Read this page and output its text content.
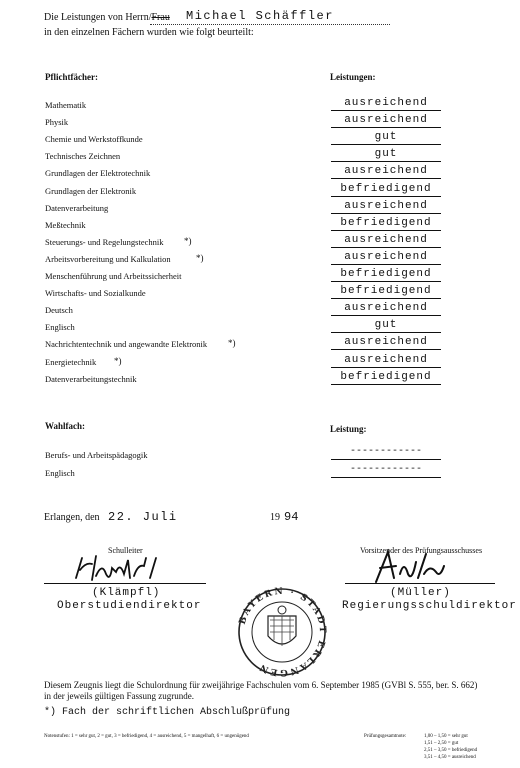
Die Leistungen von Herrn/Frau Michael Schäffler
in den einzelnen Fächern wurden wie folgt beurteilt:
Pflichtfächer:	Leistungen:
Mathematik	ausreichend
Physik	ausreichend
Chemie und Werkstoffkunde	gut
Technisches Zeichnen	gut
Grundlagen der Elektrotechnik	ausreichend
Grundlagen der Elektronik	befriedigend
Datenverarbeitung	ausreichend
Meßtechnik	befriedigend
Steuerungs- und Regelungstechnik *)	ausreichend
Arbeitsvorbereitung und Kalkulation	*)	ausreichend
Menschenführung und Arbeitssicherheit	befriedigend
Wirtschafts- und Sozialkunde	befriedigend
Deutsch	ausreichend
Englisch	gut
Nachrichtentechnik und angewandte Elektronik *)	ausreichend
Energietechnik *)	ausreichend
Datenverarbeitungstechnik	befriedigend
Wahlfach:	Leistung:
Berufs- und Arbeitspädagogik	------------
Englisch	------------
Erlangen, den 22. Juli	19 94
Schulleiter
(Klämpfl)
Oberstudiendirektor
Vorsitzender des Prüfungsausschusses
(Müller)
Regierungsschuldirektor
BAYERN · STADT ERLANGEN
Diesem Zeugnis liegt die Schulordnung für zweijährige Fachschulen vom 6. September 1985 (GVBl S. 555, ber. S. 662)
in der jeweils gültigen Fassung zugrunde.
*) Fach der schriftlichen Abschlußprüfung
Notenstufen: 1 = sehr gut, 2 = gut, 3 = befriedigend, 4 = ausreichend, 5 = mangelhaft, 6 = ungenügend	Prüfungsgesamtnote:	1,00 – 1,50 = sehr gut
1,51 – 2,50 = gut
2,51 – 3,50 = befriedigend
3,51 – 4,50 = ausreichend
